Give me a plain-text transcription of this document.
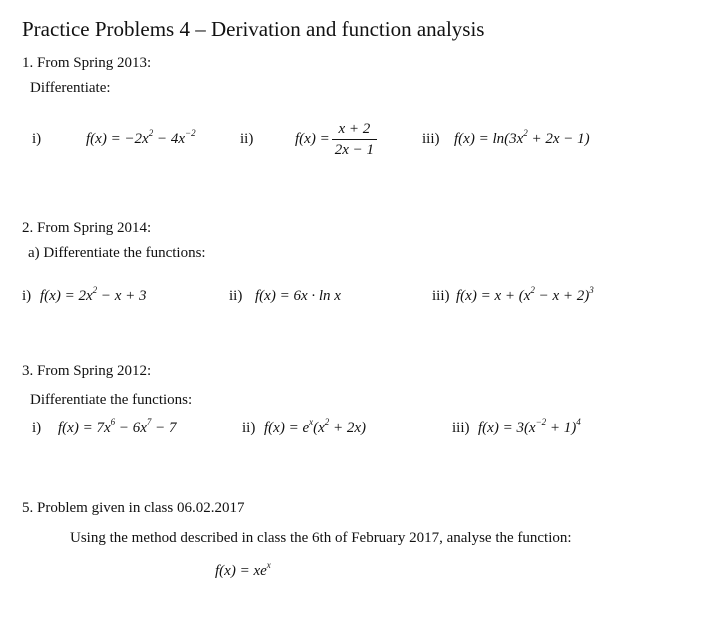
Practice Problems 4 – Derivation and function analysis
1. From Spring 2013:
Differentiate:
i)	$f(x) = -2x^2 - 4x^{-2}$	ii)	$f(x) = \frac{x + 2}{2x - 1}$	iii) $f(x) = \ln(3x^2 + 2x - 1)$
2. From Spring 2014:
a) Differentiate the functions:
i) $f(x) = 2x^2 - x + 3$	ii) f(x) = 6x · ln x	iii) $f(x) = x + (x^2 - x + 2)^3$
3. From Spring 2012:
Differentiate the functions:
i) $f(x) = 7x^6 - 6x^7 - 7$	ii) $f(x) = e^x(x^2 + 2x)$	iii) $f(x) = 3(x^{-2} + 1)^4$
5. Problem given in class 06.02.2017
Using the method described in class the 6th of February 2017, analyse the function:
$f(x) = xe^x$
